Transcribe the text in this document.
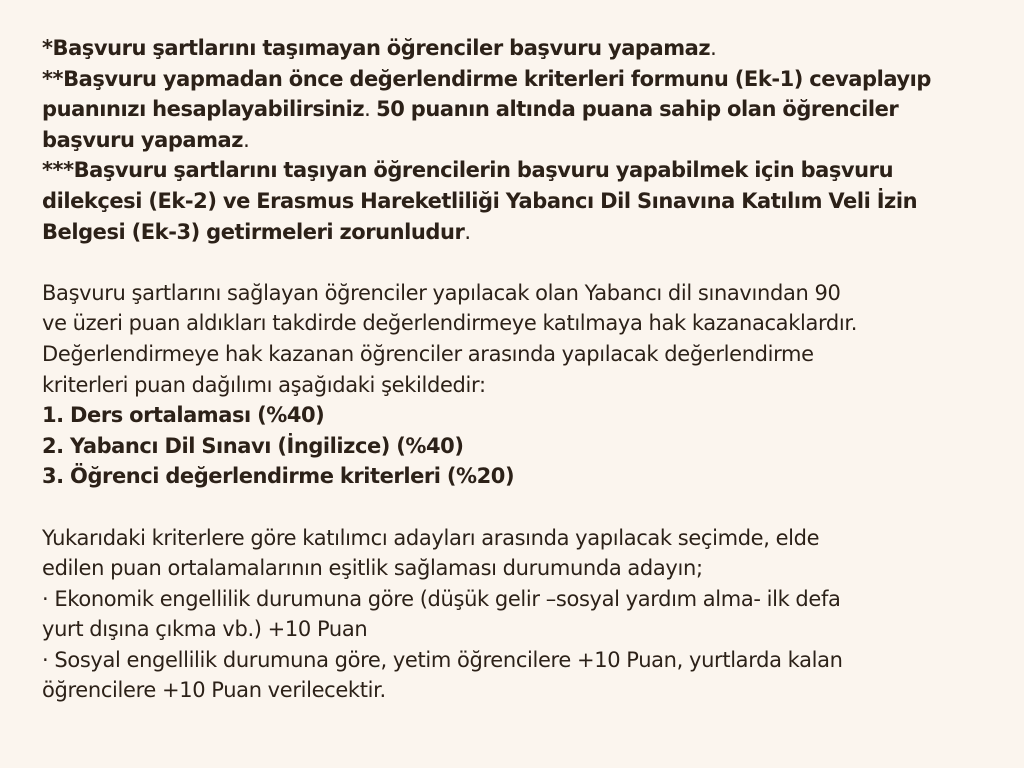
*Başvuru şartlarını taşımayan öğrenciler başvuru yapamaz.
**Başvuru yapmadan önce değerlendirme kriterleri formunu (Ek-1) cevaplayıp
puanınızı hesaplayabilirsiniz. 50 puanın altında puana sahip olan öğrenciler
başvuru yapamaz.
***Başvuru şartlarını taşıyan öğrencilerin başvuru yapabilmek için başvuru
dilekçesi (Ek-2) ve Erasmus Hareketliliği Yabancı Dil Sınavına Katılım Veli İzin
Belgesi (Ek-3) getirmeleri zorunludur.
Başvuru şartlarını sağlayan öğrenciler yapılacak olan Yabancı dil sınavından 90
ve üzeri puan aldıkları takdirde değerlendirmeye katılmaya hak kazanacaklardır.
Değerlendirmeye hak kazanan öğrenciler arasında yapılacak değerlendirme
kriterleri puan dağılımı aşağıdaki şekildedir:
1. Ders ortalaması (%40)
2. Yabancı Dil Sınavı (İngilizce) (%40)
3. Öğrenci değerlendirme kriterleri (%20)
Yukarıdaki kriterlere göre katılımcı adayları arasında yapılacak seçimde, elde
edilen puan ortalamalarının eşitlik sağlaması durumunda adayın;
· Ekonomik engellilik durumuna göre (düşük gelir –sosyal yardım alma- ilk defa
yurt dışına çıkma vb.) +10 Puan
· Sosyal engellilik durumuna göre, yetim öğrencilere +10 Puan, yurtlarda kalan
öğrencilere +10 Puan verilecektir.
